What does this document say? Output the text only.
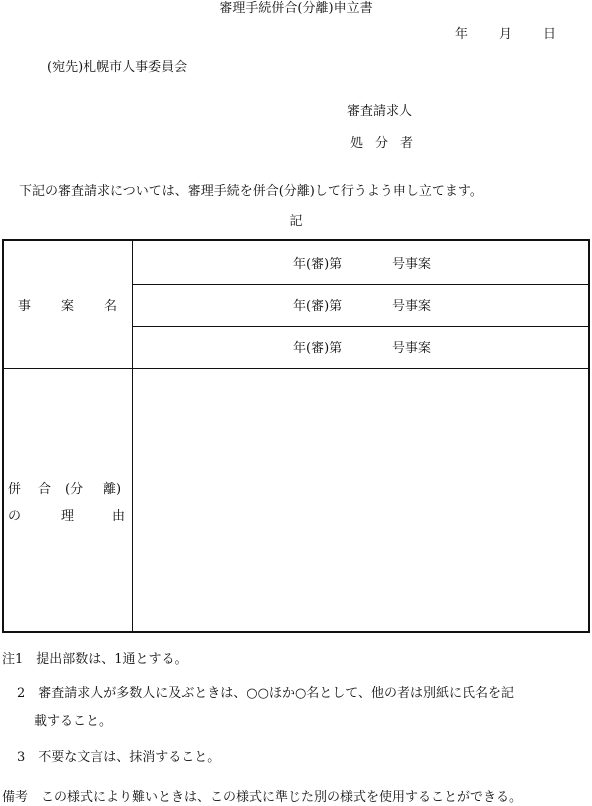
審理手続併合(分離)申立書
年 月 日
(宛先)札幌市人事委員会
審査請求人
処分者
下記の審査請求については、審理手続を併合(分離)して行うよう申し立てます。
記
事 案 名
年(審)第	号事案
年(審)第	号事案
年(審)第	号事案
併 合 (分 離)
の	理	由
注1　提出部数は、1通とする。
2　審査請求人が多数人に及ぶときは、○○ほか○名として、他の者は別紙に氏名を記
載すること。
3　不要な文言は、抹消すること。
備考　この様式により難いときは、この様式に準じた別の様式を使用することができる。
